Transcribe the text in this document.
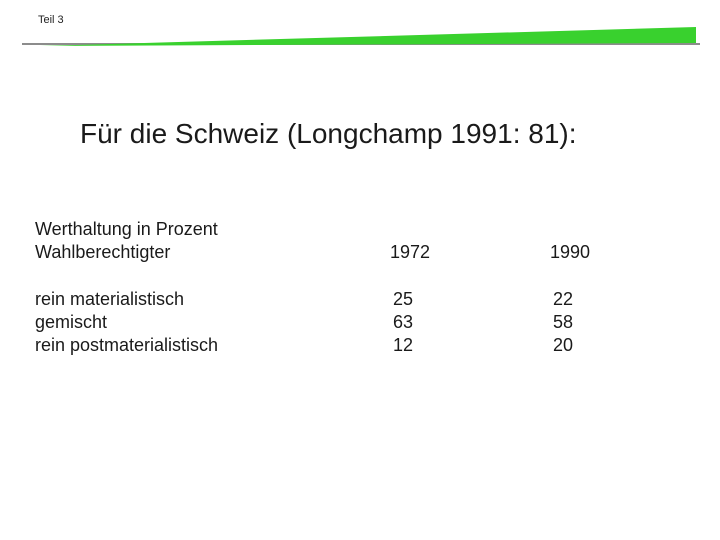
Teil 3
Für die Schweiz (Longchamp 1991: 81):
Werthaltung in Prozent
Wahlberechtigter	1972	1990
rein materialistisch	25	22
gemischt	63	58
rein postmaterialistisch	12	20
